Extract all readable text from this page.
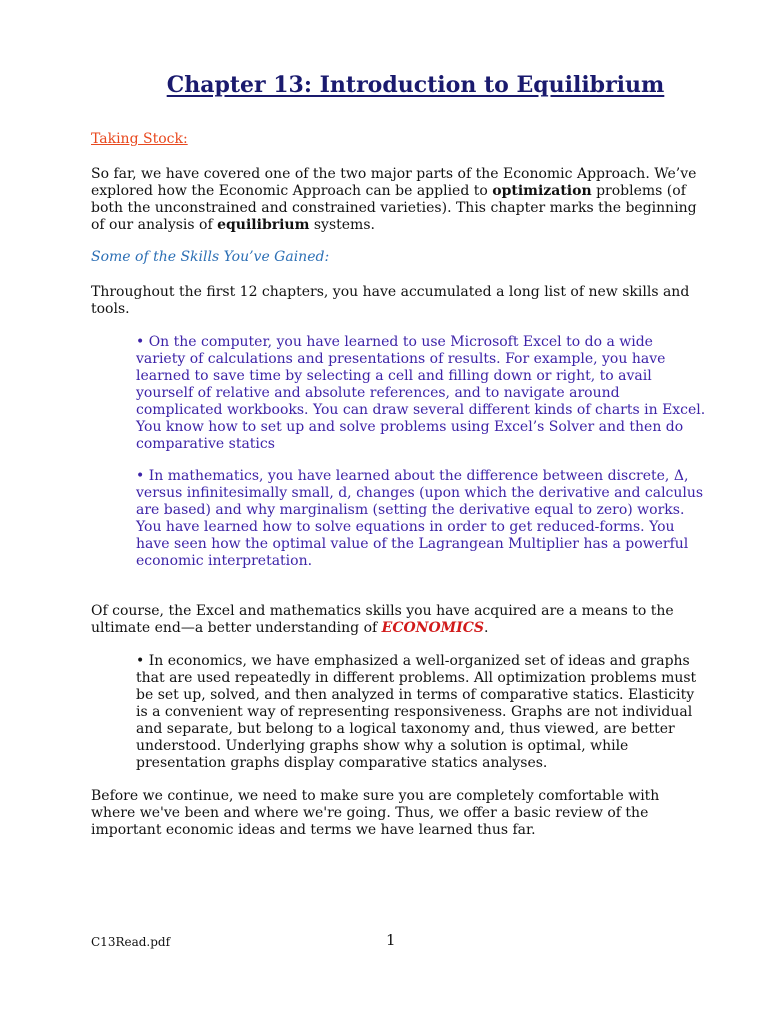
Chapter 13: Introduction to Equilibrium
Taking Stock:

So far, we have covered one of the two major parts of the Economic Approach. We’ve explored how the Economic Approach can be applied to optimization problems (of both the unconstrained and constrained varieties). This chapter marks the beginning of our analysis of equilibrium systems.

Some of the Skills You’ve Gained:

Throughout the first 12 chapters, you have accumulated a long list of new skills and tools.

• On the computer, you have learned to use Microsoft Excel to do a wide variety of calculations and presentations of results. For example, you have learned to save time by selecting a cell and filling down or right, to avail yourself of relative and absolute references, and to navigate around complicated workbooks. You can draw several different kinds of charts in Excel. You know how to set up and solve problems using Excel’s Solver and then do comparative statics

• In mathematics, you have learned about the difference between discrete, Δ, versus infinitesimally small, d, changes (upon which the derivative and calculus are based) and why marginalism (setting the derivative equal to zero) works. You have learned how to solve equations in order to get reduced-forms. You have seen how the optimal value of the Lagrangean Multiplier has a powerful economic interpretation.

Of course, the Excel and mathematics skills you have acquired are a means to the ultimate end—a better understanding of ECONOMICS.

• In economics, we have emphasized a well-organized set of ideas and graphs that are used repeatedly in different problems. All optimization problems must be set up, solved, and then analyzed in terms of comparative statics. Elasticity is a convenient way of representing responsiveness. Graphs are not individual and separate, but belong to a logical taxonomy and, thus viewed, are better understood. Underlying graphs show why a solution is optimal, while presentation graphs display comparative statics analyses.

Before we continue, we need to make sure you are completely comfortable with where we've been and where we're going. Thus, we offer a basic review of the important economic ideas and terms we have learned thus far.

C13Read.pdf	1
